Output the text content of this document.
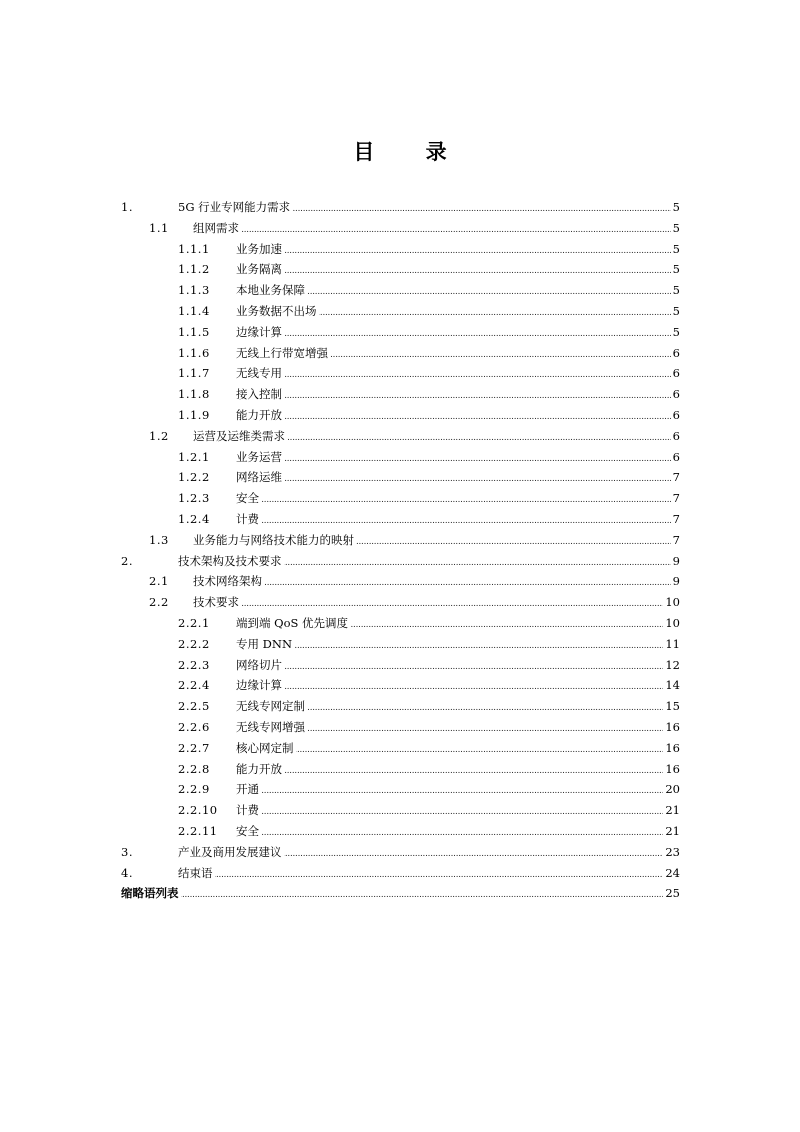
目 录
1. .....	5G 行业专网能力需求	5
1.1 ..... 组网需求	5
1.1.1 ..... 业务加速	5
1.1.2 ..... 业务隔离	5
1.1.3 ..... 本地业务保障	5
1.1.4 ..... 业务数据不出场	5
1.1.5 ..... 边缘计算	5
1.1.6 ..... 无线上行带宽增强	6
1.1.7 ..... 无线专用	6
1.1.8 ..... 接入控制	6
1.1.9 ..... 能力开放	6
1.2 ..... 运营及运维类需求	6
1.2.1 ..... 业务运营	6
1.2.2 ..... 网络运维	7
1.2.3 ..... 安全	7
1.2.4 ..... 计费	7
1.3 ..... 业务能力与网络技术能力的映射	7
2. .....	技术架构及技术要求	9
2.1 ..... 技术网络架构	9
2.2 ..... 技术要求	10
2.2.1 ..... 端到端 QoS 优先调度	10
2.2.2 ..... 专用 DNN	11
2.2.3 ..... 网络切片	12
2.2.4 ..... 边缘计算	14
2.2.5 ..... 无线专网定制	15
2.2.6 ..... 无线专网增强	16
2.2.7 ..... 核心网定制	16
2.2.8 ..... 能力开放	16
2.2.9 ..... 开通	20
2.2.10 ..... 计费	21
2.2.11 ..... 安全	21
3. .....	产业及商用发展建议	23
4. .....	结束语	24
.....
缩略语列表	25
